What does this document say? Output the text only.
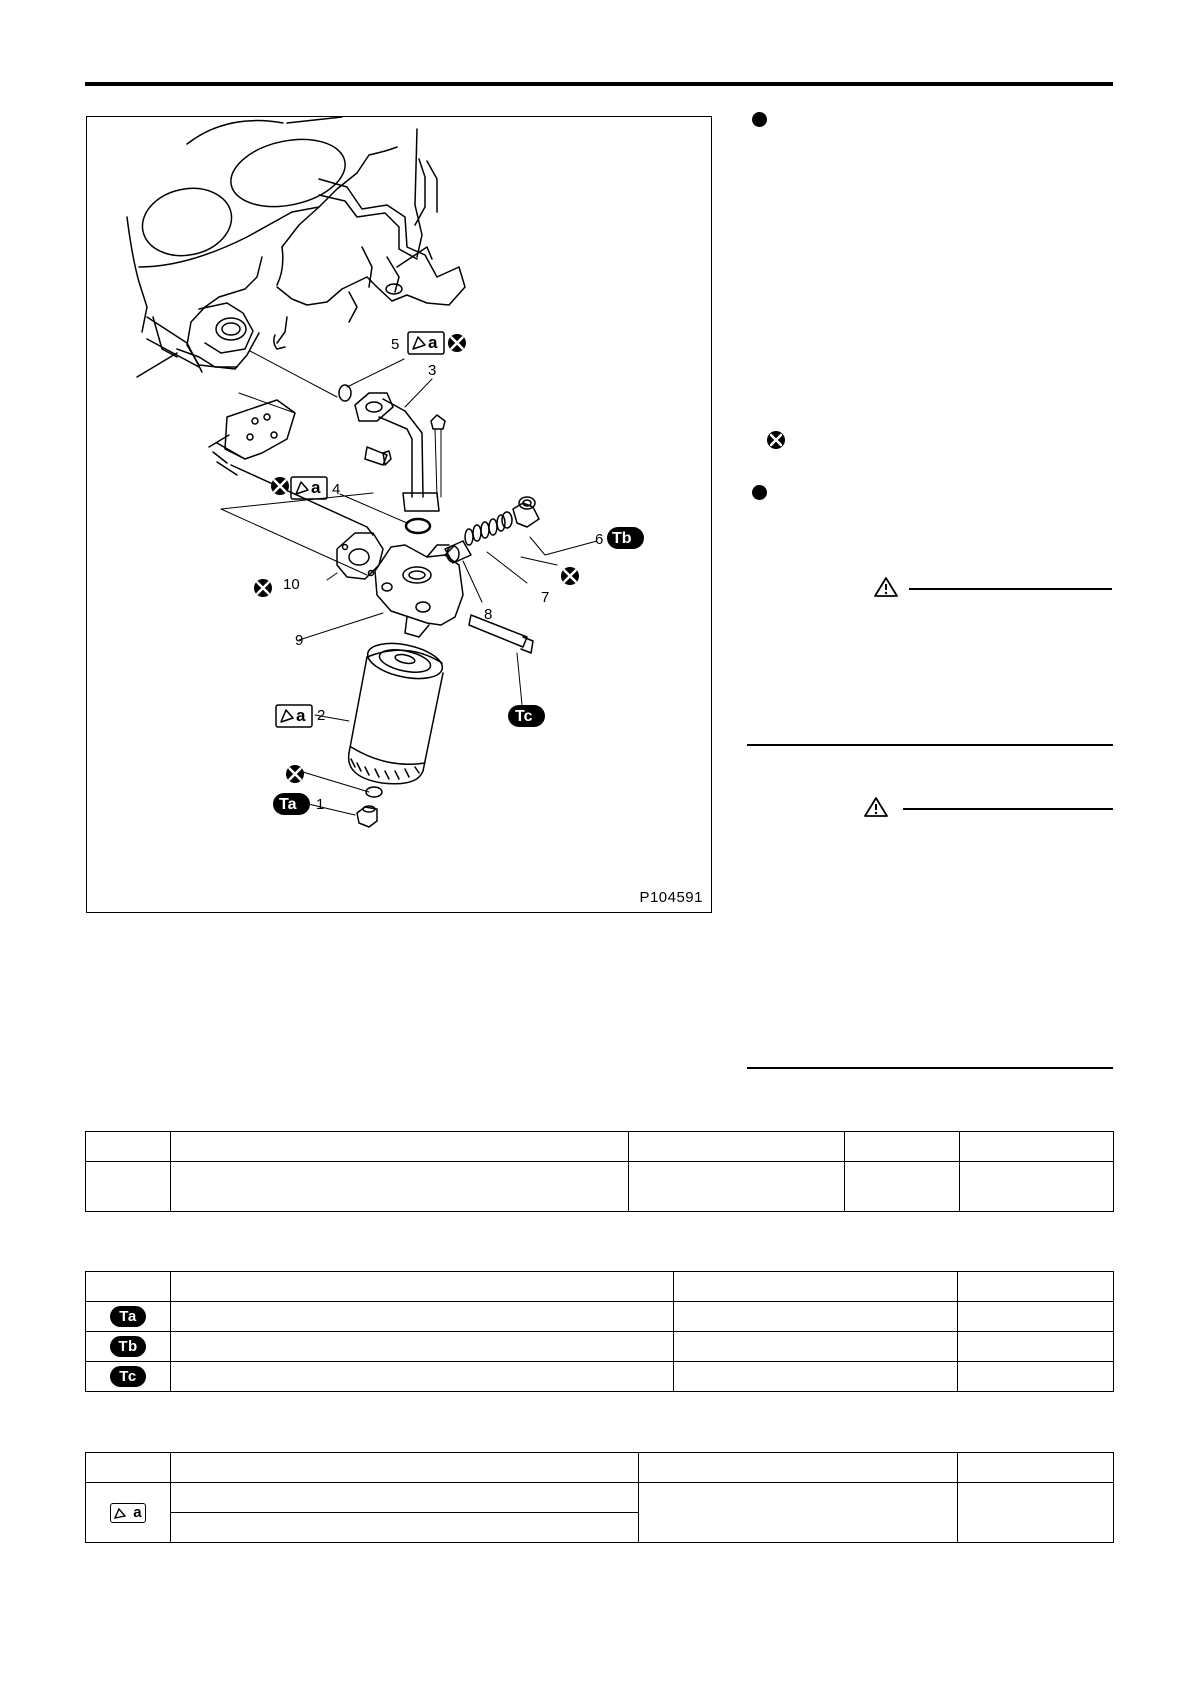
5 a
3
4
a
6 Tb
7
10
8
9
2
a	Tc
Ta 1
P104591

Ta			
Tb			
Tc			

a			
